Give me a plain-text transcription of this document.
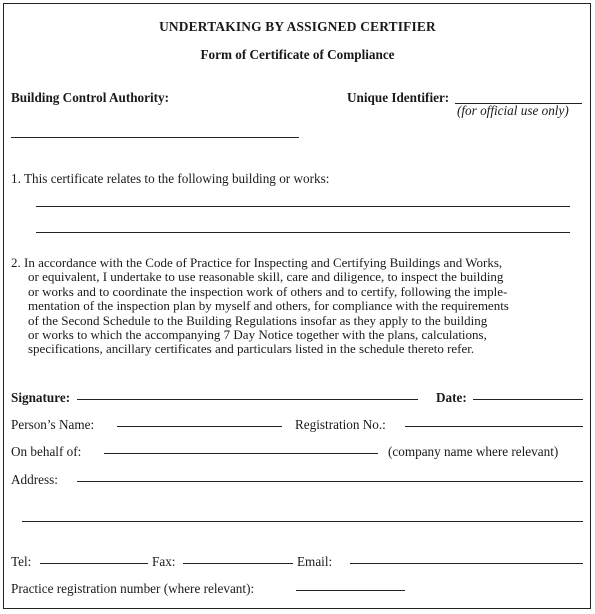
UNDERTAKING BY ASSIGNED CERTIFIER
Form of Certificate of Compliance
Building Control Authority:	Unique Identifier:
(for official use only)
1. This certificate relates to the following building or works:
2. In accordance with the Code of Practice for Inspecting and Certifying Buildings and Works,
or equivalent, I undertake to use reasonable skill, care and diligence, to inspect the building
or works and to coordinate the inspection work of others and to certify, following the imple-
mentation of the inspection plan by myself and others, for compliance with the requirements
of the Second Schedule to the Building Regulations insofar as they apply to the building
or works to which the accompanying 7 Day Notice together with the plans, calculations,
specifications, ancillary certificates and particulars listed in the schedule thereto refer.
Signature:	Date:
Person’s Name:	Registration No.:
On behalf of:	(company name where relevant)
Address:
Tel:	Fax:	Email:
Practice registration number (where relevant):
